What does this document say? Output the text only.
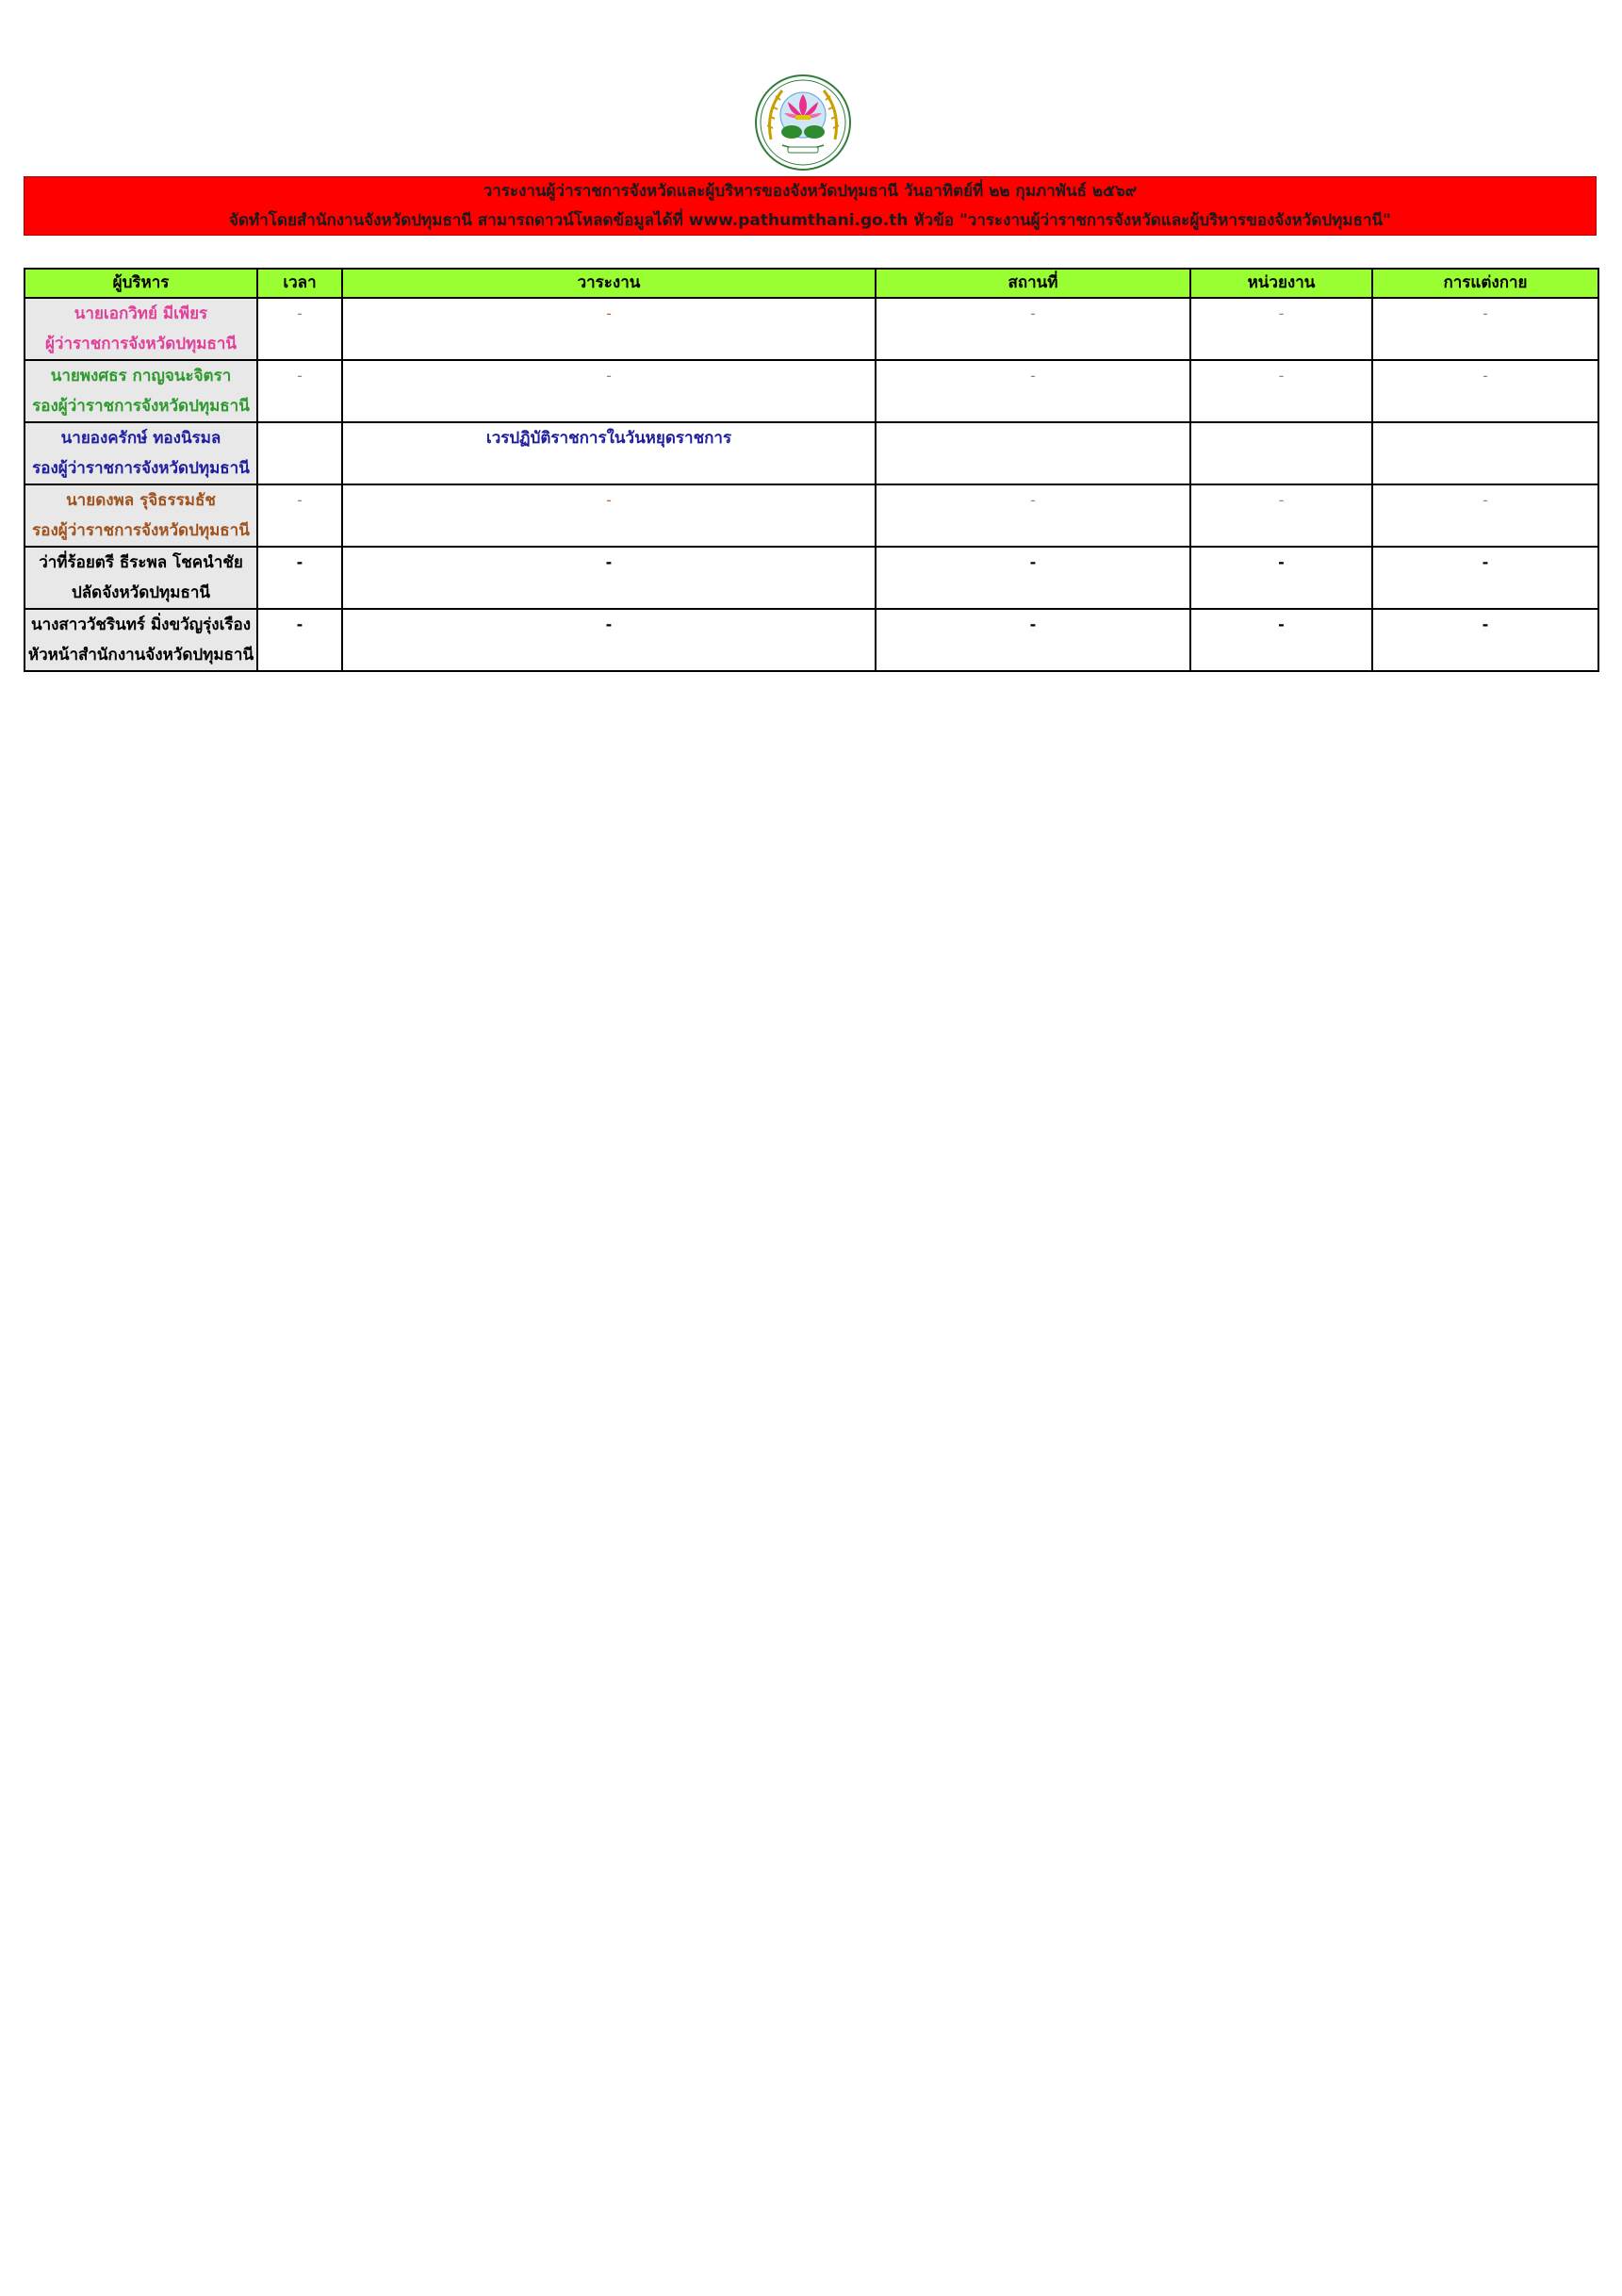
วาระงานผู้ว่าราชการจังหวัดและผู้บริหารของจังหวัดปทุมธานี วันอาทิตย์ที่ ๒๒ กุมภาพันธ์ ๒๕๖๙
จัดทำโดยสำนักงานจังหวัดปทุมธานี สามารถดาวน์โหลดข้อมูลได้ที่ www.pathumthani.go.th หัวข้อ "วาระงานผู้ว่าราชการจังหวัดและผู้บริหารของจังหวัดปทุมธานี"
ผู้บริหาร	เวลา	วาระงาน	สถานที่	หน่วยงาน	การแต่งกาย

นายเอกวิทย์ มีเพียร
ผู้ว่าราชการจังหวัดปทุมธานี	-	-	-	-	-

นายพงศธร กาญจนะจิตรา
รองผู้ว่าราชการจังหวัดปทุมธานี	-	-	-	-	-

นายองครักษ์ ทองนิรมล
รองผู้ว่าราชการจังหวัดปทุมธานี		เวรปฏิบัติราชการในวันหยุดราชการ			

นายดงพล รุจิธรรมธัช
รองผู้ว่าราชการจังหวัดปทุมธานี	-	-	-	-	-

ว่าที่ร้อยตรี ธีระพล โชคนำชัย
ปลัดจังหวัดปทุมธานี	-	-	-	-	-

นางสาววัชรินทร์ มิ่งขวัญรุ่งเรือง
หัวหน้าสำนักงานจังหวัดปทุมธานี	-	-	-	-	-
